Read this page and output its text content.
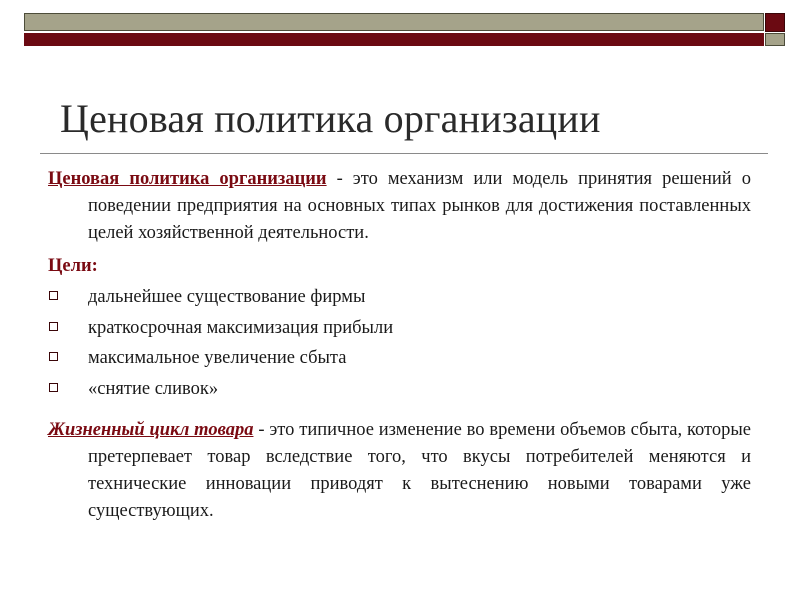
Ценовая политика организации

Ценовая политика организации - это механизм или модель принятия решений о поведении предприятия на основных типах рынков для достижения поставленных целей хозяйственной деятельности.

Цели:

дальнейшее существование фирмы
краткосрочная максимизация прибыли
максимальное увеличение сбыта
«снятие сливок»

Жизненный цикл товара - это типичное изменение во времени объемов сбыта, которые претерпевает товар вследствие того, что вкусы потребителей меняются и технические инновации приводят к вытеснению новыми товарами уже существующих.
